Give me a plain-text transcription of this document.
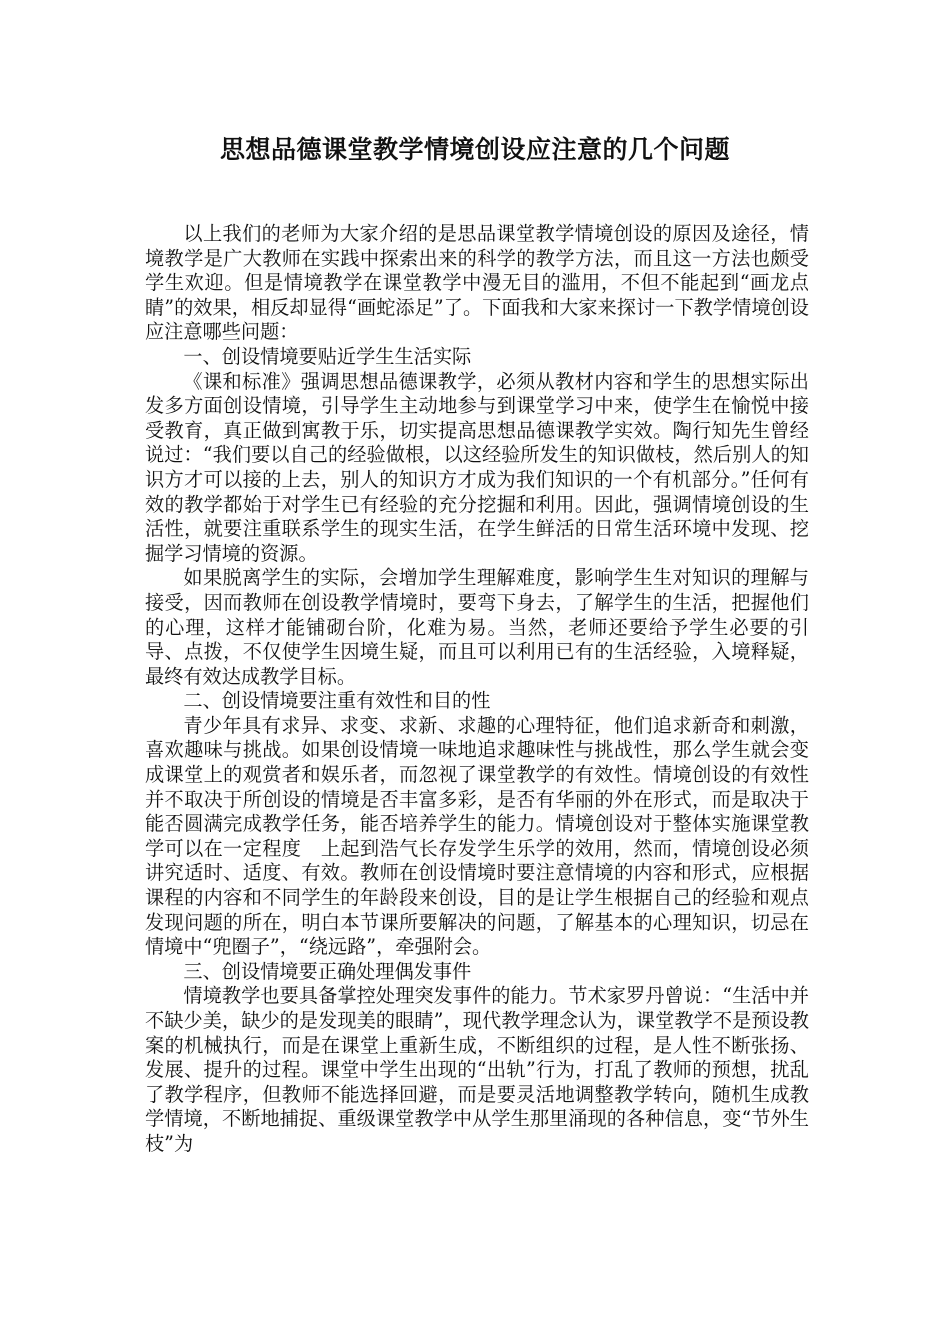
思想品德课堂教学情境创设应注意的几个问题

以上我们的老师为大家介绍的是思品课堂教学情境创设的原因及途径，情境教学是广大教师在实践中探索出来的科学的教学方法，而且这一方法也颇受学生欢迎。但是情境教学在课堂教学中漫无目的滥用，不但不能起到“画龙点睛”的效果，相反却显得“画蛇添足”了。下面我和大家来探讨一下教学情境创设应注意哪些问题：

一、创设情境要贴近学生生活实际

《课和标准》强调思想品德课教学，必须从教材内容和学生的思想实际出发多方面创设情境，引导学生主动地参与到课堂学习中来，使学生在愉悦中接受教育，真正做到寓教于乐，切实提高思想品德课教学实效。陶行知先生曾经说过：“我们要以自己的经验做根，以这经验所发生的知识做枝，然后别人的知识方才可以接的上去，别人的知识方才成为我们知识的一个有机部分。”任何有效的教学都始于对学生已有经验的充分挖掘和利用。因此，强调情境创设的生活性，就要注重联系学生的现实生活，在学生鲜活的日常生活环境中发现、挖掘学习情境的资源。

如果脱离学生的实际，会增加学生理解难度，影响学生生对知识的理解与接受，因而教师在创设教学情境时，要弯下身去，了解学生的生活，把握他们的心理，这样才能铺砌台阶，化难为易。当然，老师还要给予学生必要的引导、点拨，不仅使学生因境生疑，而且可以利用已有的生活经验，入境释疑，最终有效达成教学目标。

二、创设情境要注重有效性和目的性

青少年具有求异、求变、求新、求趣的心理特征，他们追求新奇和刺激，喜欢趣味与挑战。如果创设情境一味地追求趣味性与挑战性，那么学生就会变成课堂上的观赏者和娱乐者，而忽视了课堂教学的有效性。情境创设的有效性并不取决于所创设的情境是否丰富多彩，是否有华丽的外在形式，而是取决于能否圆满完成教学任务，能否培养学生的能力。情境创设对于整体实施课堂教学可以在一定程度　上起到浩气长存发学生乐学的效用，然而，情境创设必须讲究适时、适度、有效。教师在创设情境时要注意情境的内容和形式，应根据课程的内容和不同学生的年龄段来创设，目的是让学生根据自己的经验和观点发现问题的所在，明白本节课所要解决的问题，了解基本的心理知识，切忌在情境中“兜圈子”，“绕远路”，牵强附会。

三、创设情境要正确处理偶发事件

情境教学也要具备掌控处理突发事件的能力。节术家罗丹曾说：“生活中并不缺少美，缺少的是发现美的眼睛”，现代教学理念认为，课堂教学不是预设教案的机械执行，而是在课堂上重新生成，不断组织的过程，是人性不断张扬、发展、提升的过程。课堂中学生出现的“出轨”行为，打乱了教师的预想，扰乱了教学程序，但教师不能选择回避，而是要灵活地调整教学转向，随机生成教学情境，不断地捕捉、重级课堂教学中从学生那里涌现的各种信息，变“节外生枝”为
